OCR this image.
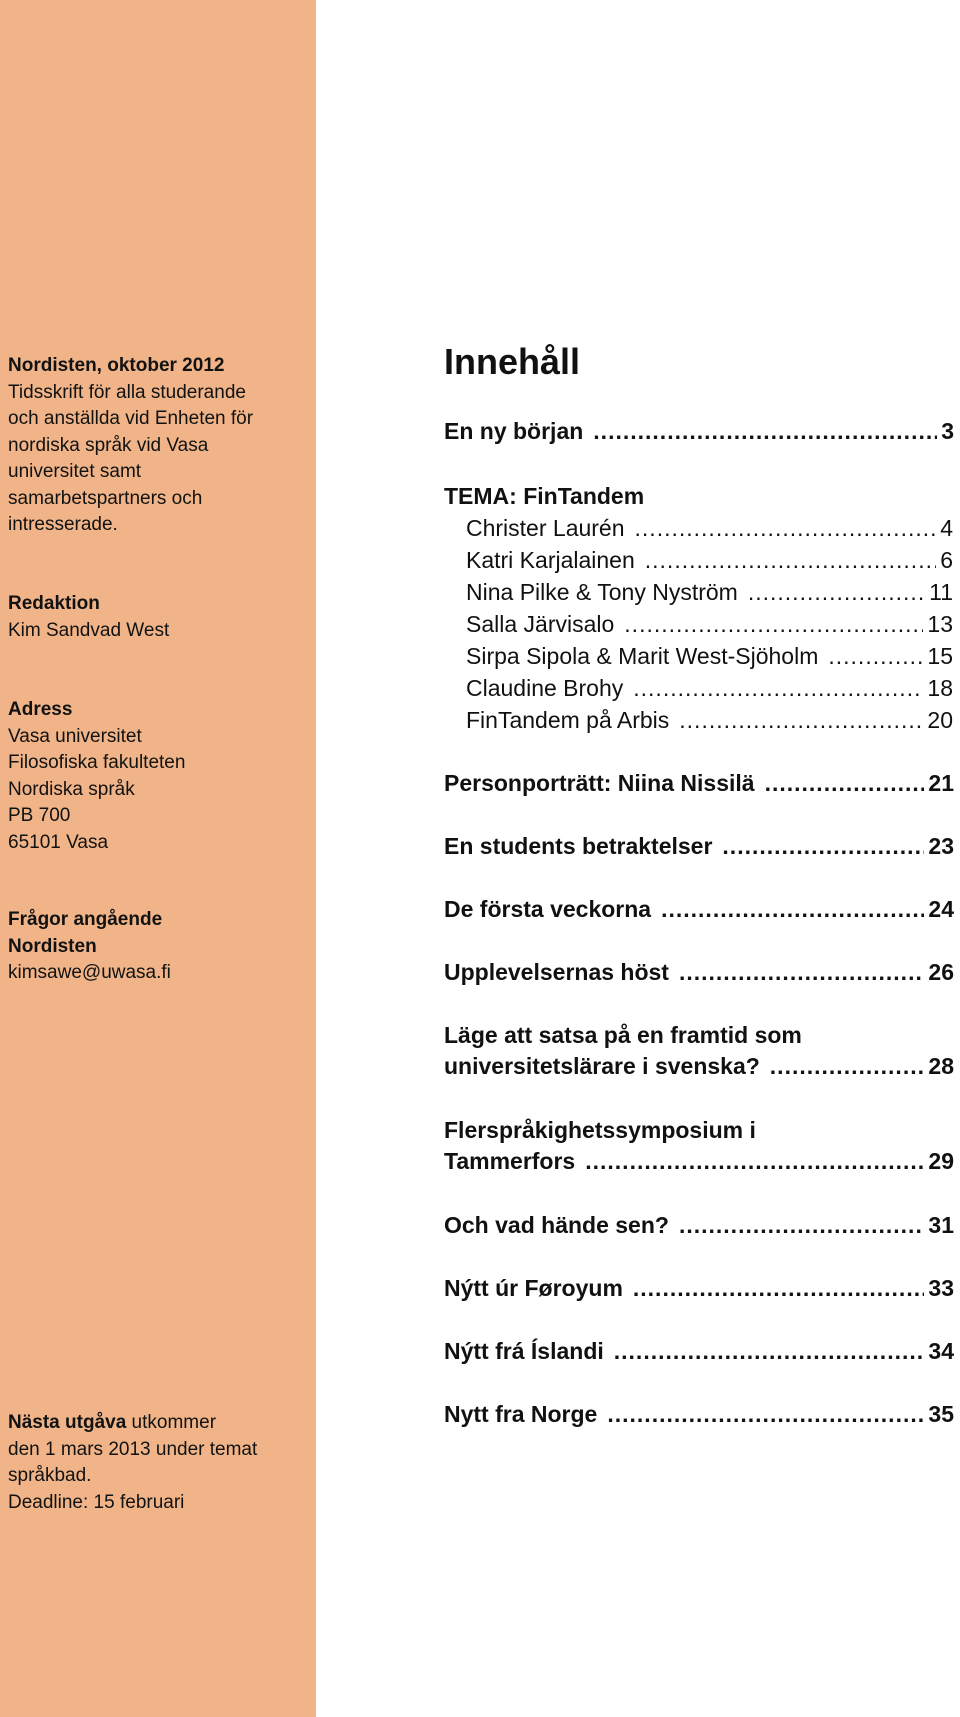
Nordisten, oktober 2012
Tidsskrift för alla studerande
och anställda vid Enheten för
nordiska språk vid Vasa
universitet samt
samarbetspartners och
intresserade.
Redaktion
Kim Sandvad West
Adress
Vasa universitet
Filosofiska fakulteten
Nordiska språk
PB 700
65101 Vasa
Frågor angående
Nordisten
kimsawe@uwasa.fi
Nästa utgåva utkommer
den 1 mars 2013 under temat
språkbad.
Deadline: 15 februari
Innehåll
En ny början .....	3
TEMA: FinTandem
Christer Laurén .....	4
Katri Karjalainen .....	6
Nina Pilke & Tony Nyström .....	11
Salla Järvisalo .....	13
Sirpa Sipola & Marit West-Sjöholm .....	15
Claudine Brohy .....	18
FinTandem på Arbis .....	20
Personporträtt: Niina Nissilä .....	21
En students betraktelser .....	23
De första veckorna .....	24
Upplevelsernas höst .....	26
Läge att satsa på en framtid som
universitetslärare i svenska? .....	28
Flerspråkighetssymposium i
Tammerfors .....	29
Och vad hände sen? .....	31
Nýtt úr Føroyum .....	33
Nýtt frá Íslandi .....	34
Nytt fra Norge .....	35
